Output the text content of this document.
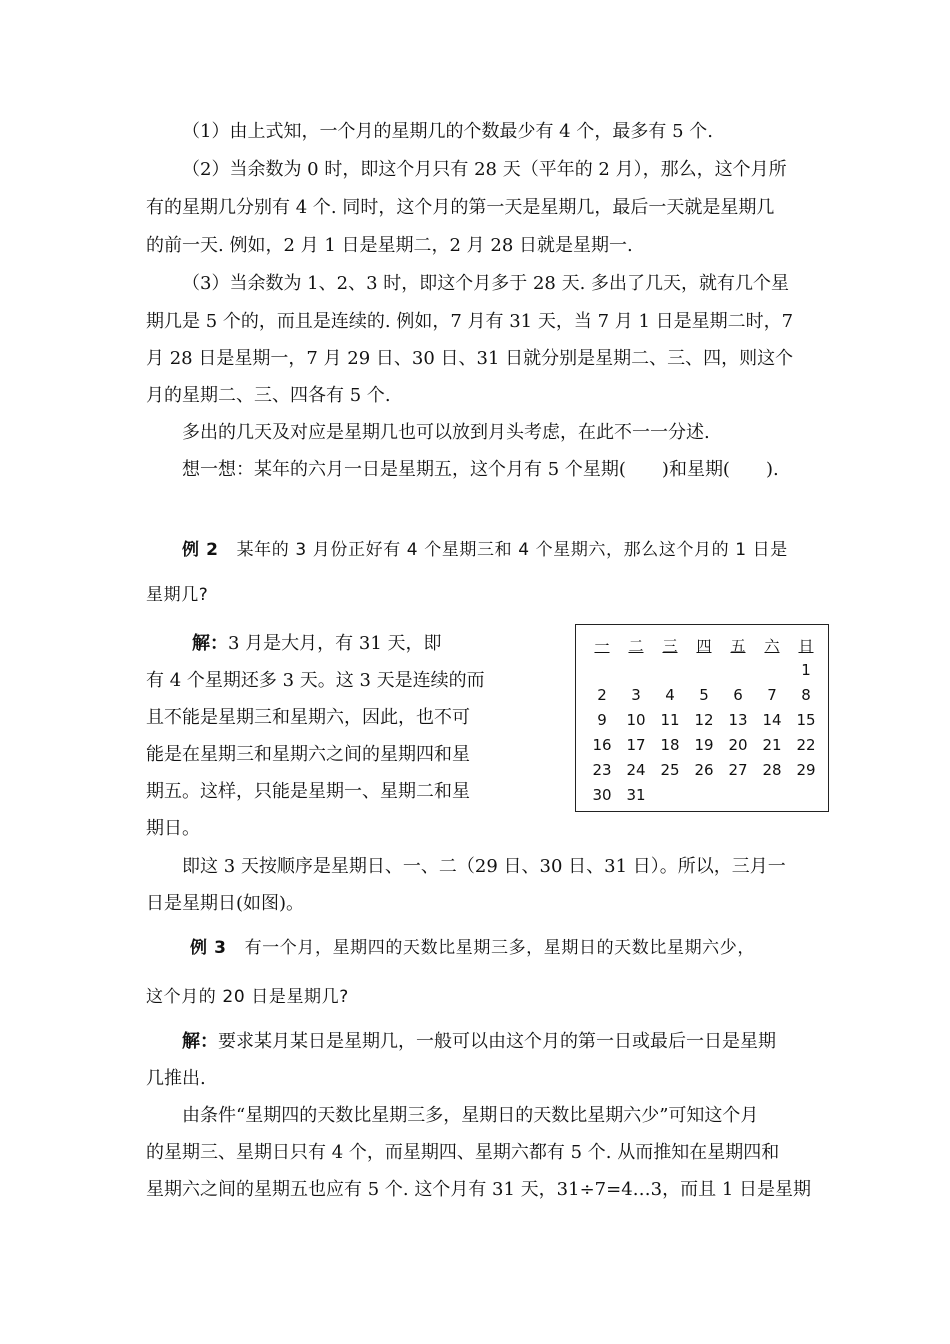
（1）由上式知，一个月的星期几的个数最少有 4 个，最多有 5 个.
（2）当余数为 0 时，即这个月只有 28 天（平年的 2 月），那么，这个月所
有的星期几分别有 4 个. 同时，这个月的第一天是星期几，最后一天就是星期几
的前一天. 例如，2 月 1 日是星期二，2 月 28 日就是星期一.
（3）当余数为 1、2、3 时，即这个月多于 28 天. 多出了几天，就有几个星
期几是 5 个的，而且是连续的. 例如，7 月有 31 天，当 7 月 1 日是星期二时，7
月 28 日是星期一，7 月 29 日、30 日、31 日就分别是星期二、三、四，则这个
月的星期二、三、四各有 5 个.
多出的几天及对应是星期几也可以放到月头考虑，在此不一一分述.
想一想：某年的六月一日是星期五，这个月有 5 个星期(　　)和星期(　　).
例 2 某年的 3 月份正好有 4 个星期三和 4 个星期六，那么这个月的 1 日是
星期几?
解：3 月是大月，有 31 天，即
有 4 个星期还多 3 天。这 3 天是连续的而
且不能是星期三和星期六，因此，也不可
能是在星期三和星期六之间的星期四和星
期五。这样，只能是星期一、星期二和星
期日。
即这 3 天按顺序是星期日、一、二（29 日、30 日、31 日）。所以，三月一
日是星期日(如图)。
一	二	三	四	五	六	日
						1
2	3	4	5	6	7	8
9	10	11	12	13	14	15
16	17	18	19	20	21	22
23	24	25	26	27	28	29
30	31					
例 3 有一个月，星期四的天数比星期三多，星期日的天数比星期六少，
这个月的 20 日是星期几?
解：要求某月某日是星期几，一般可以由这个月的第一日或最后一日是星期
几推出.
由条件“星期四的天数比星期三多，星期日的天数比星期六少”可知这个月
的星期三、星期日只有 4 个，而星期四、星期六都有 5 个. 从而推知在星期四和
星期六之间的星期五也应有 5 个. 这个月有 31 天，31÷7=4…3，而且 1 日是星期
